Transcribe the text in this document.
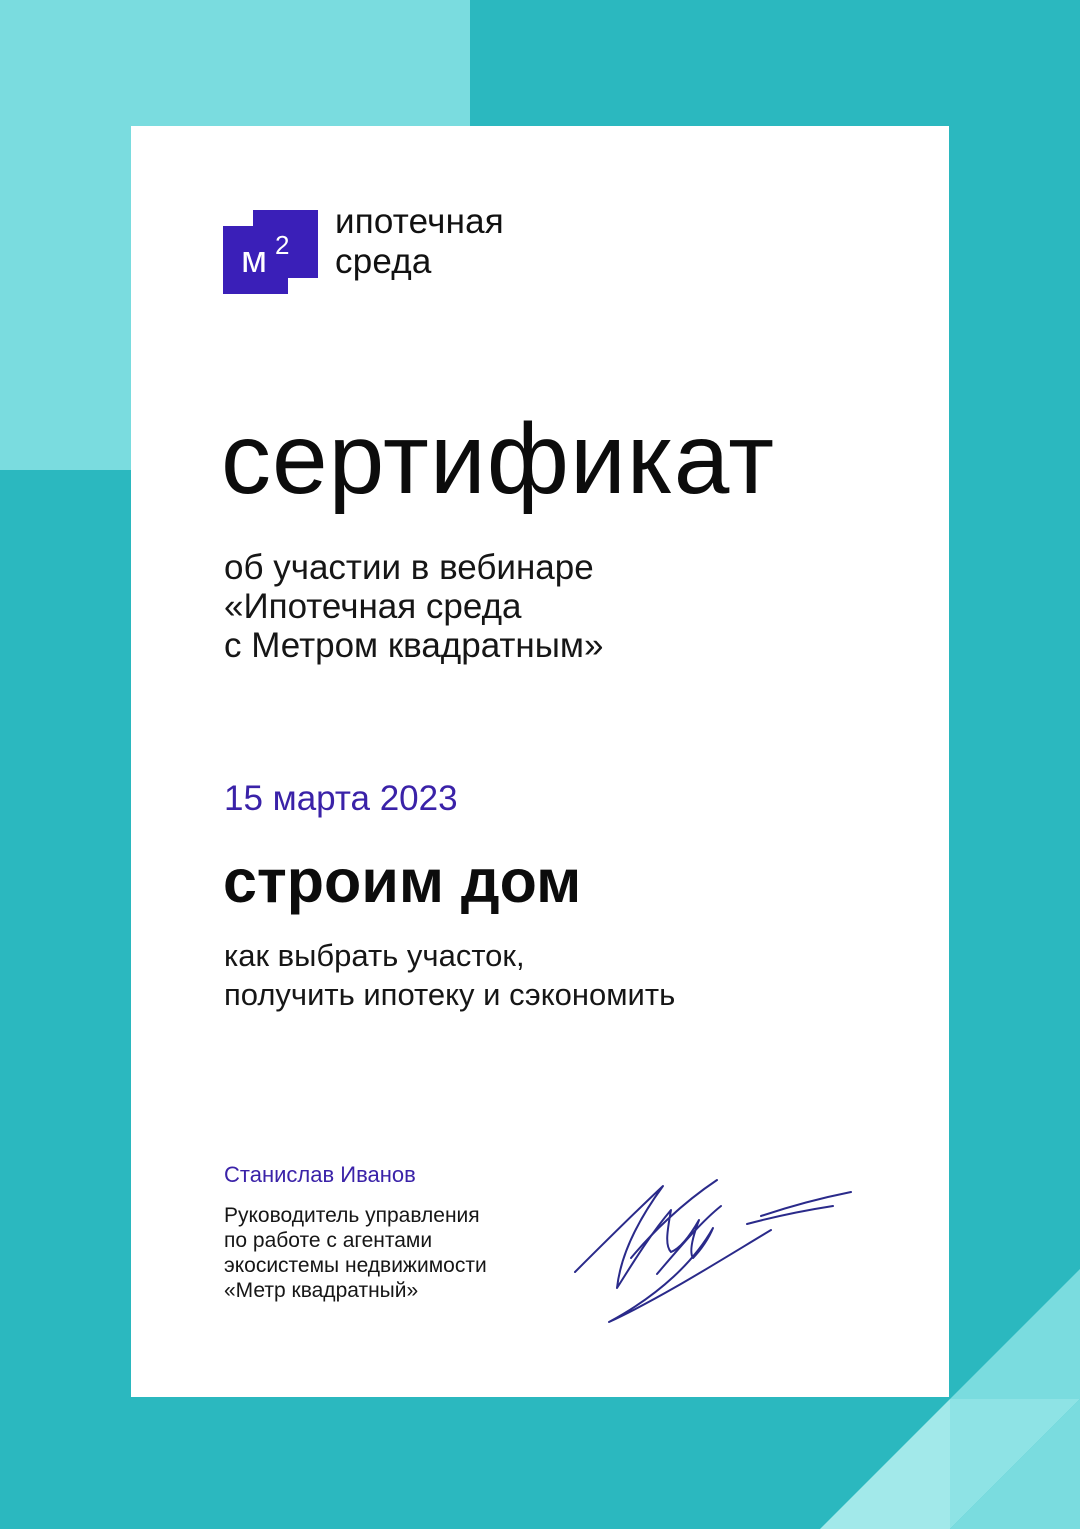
м 2
ипотечная
среда
сертификат
об участии в вебинаре
«Ипотечная среда
с Метром квадратным»
15 марта 2023
строим дом
как выбрать участок,
получить ипотеку и сэкономить
Станислав Иванов
Руководитель управления
по работе с агентами
экосистемы недвижимости
«Метр квадратный»
